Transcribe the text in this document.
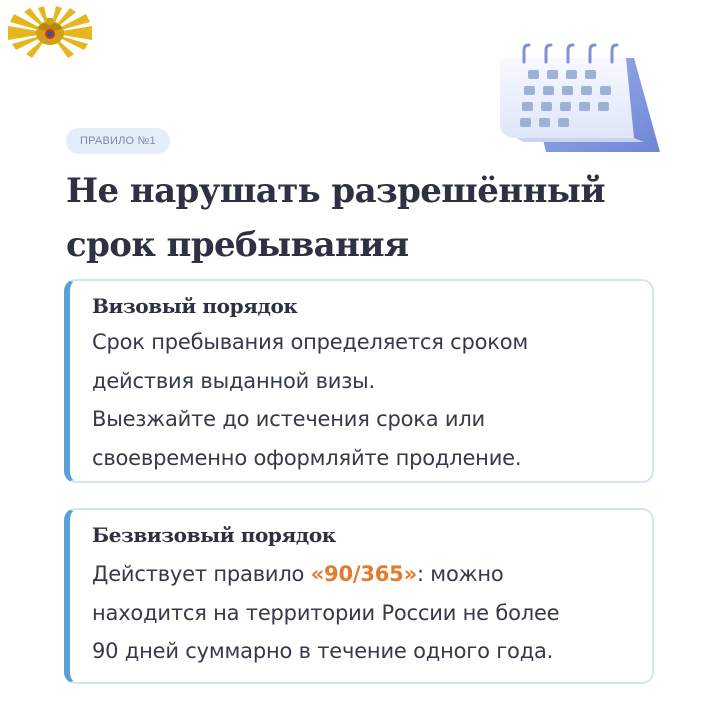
ПРАВИЛО №1
Не нарушать разрешённый
срок пребывания
Визовый порядок
Срок пребывания определяется сроком
действия выданной визы.
Выезжайте до истечения срока или
своевременно оформляйте продление.
Безвизовый порядок
Действует правило «90/365»: можно
находится на территории России не более
90 дней суммарно в течение одного года.
